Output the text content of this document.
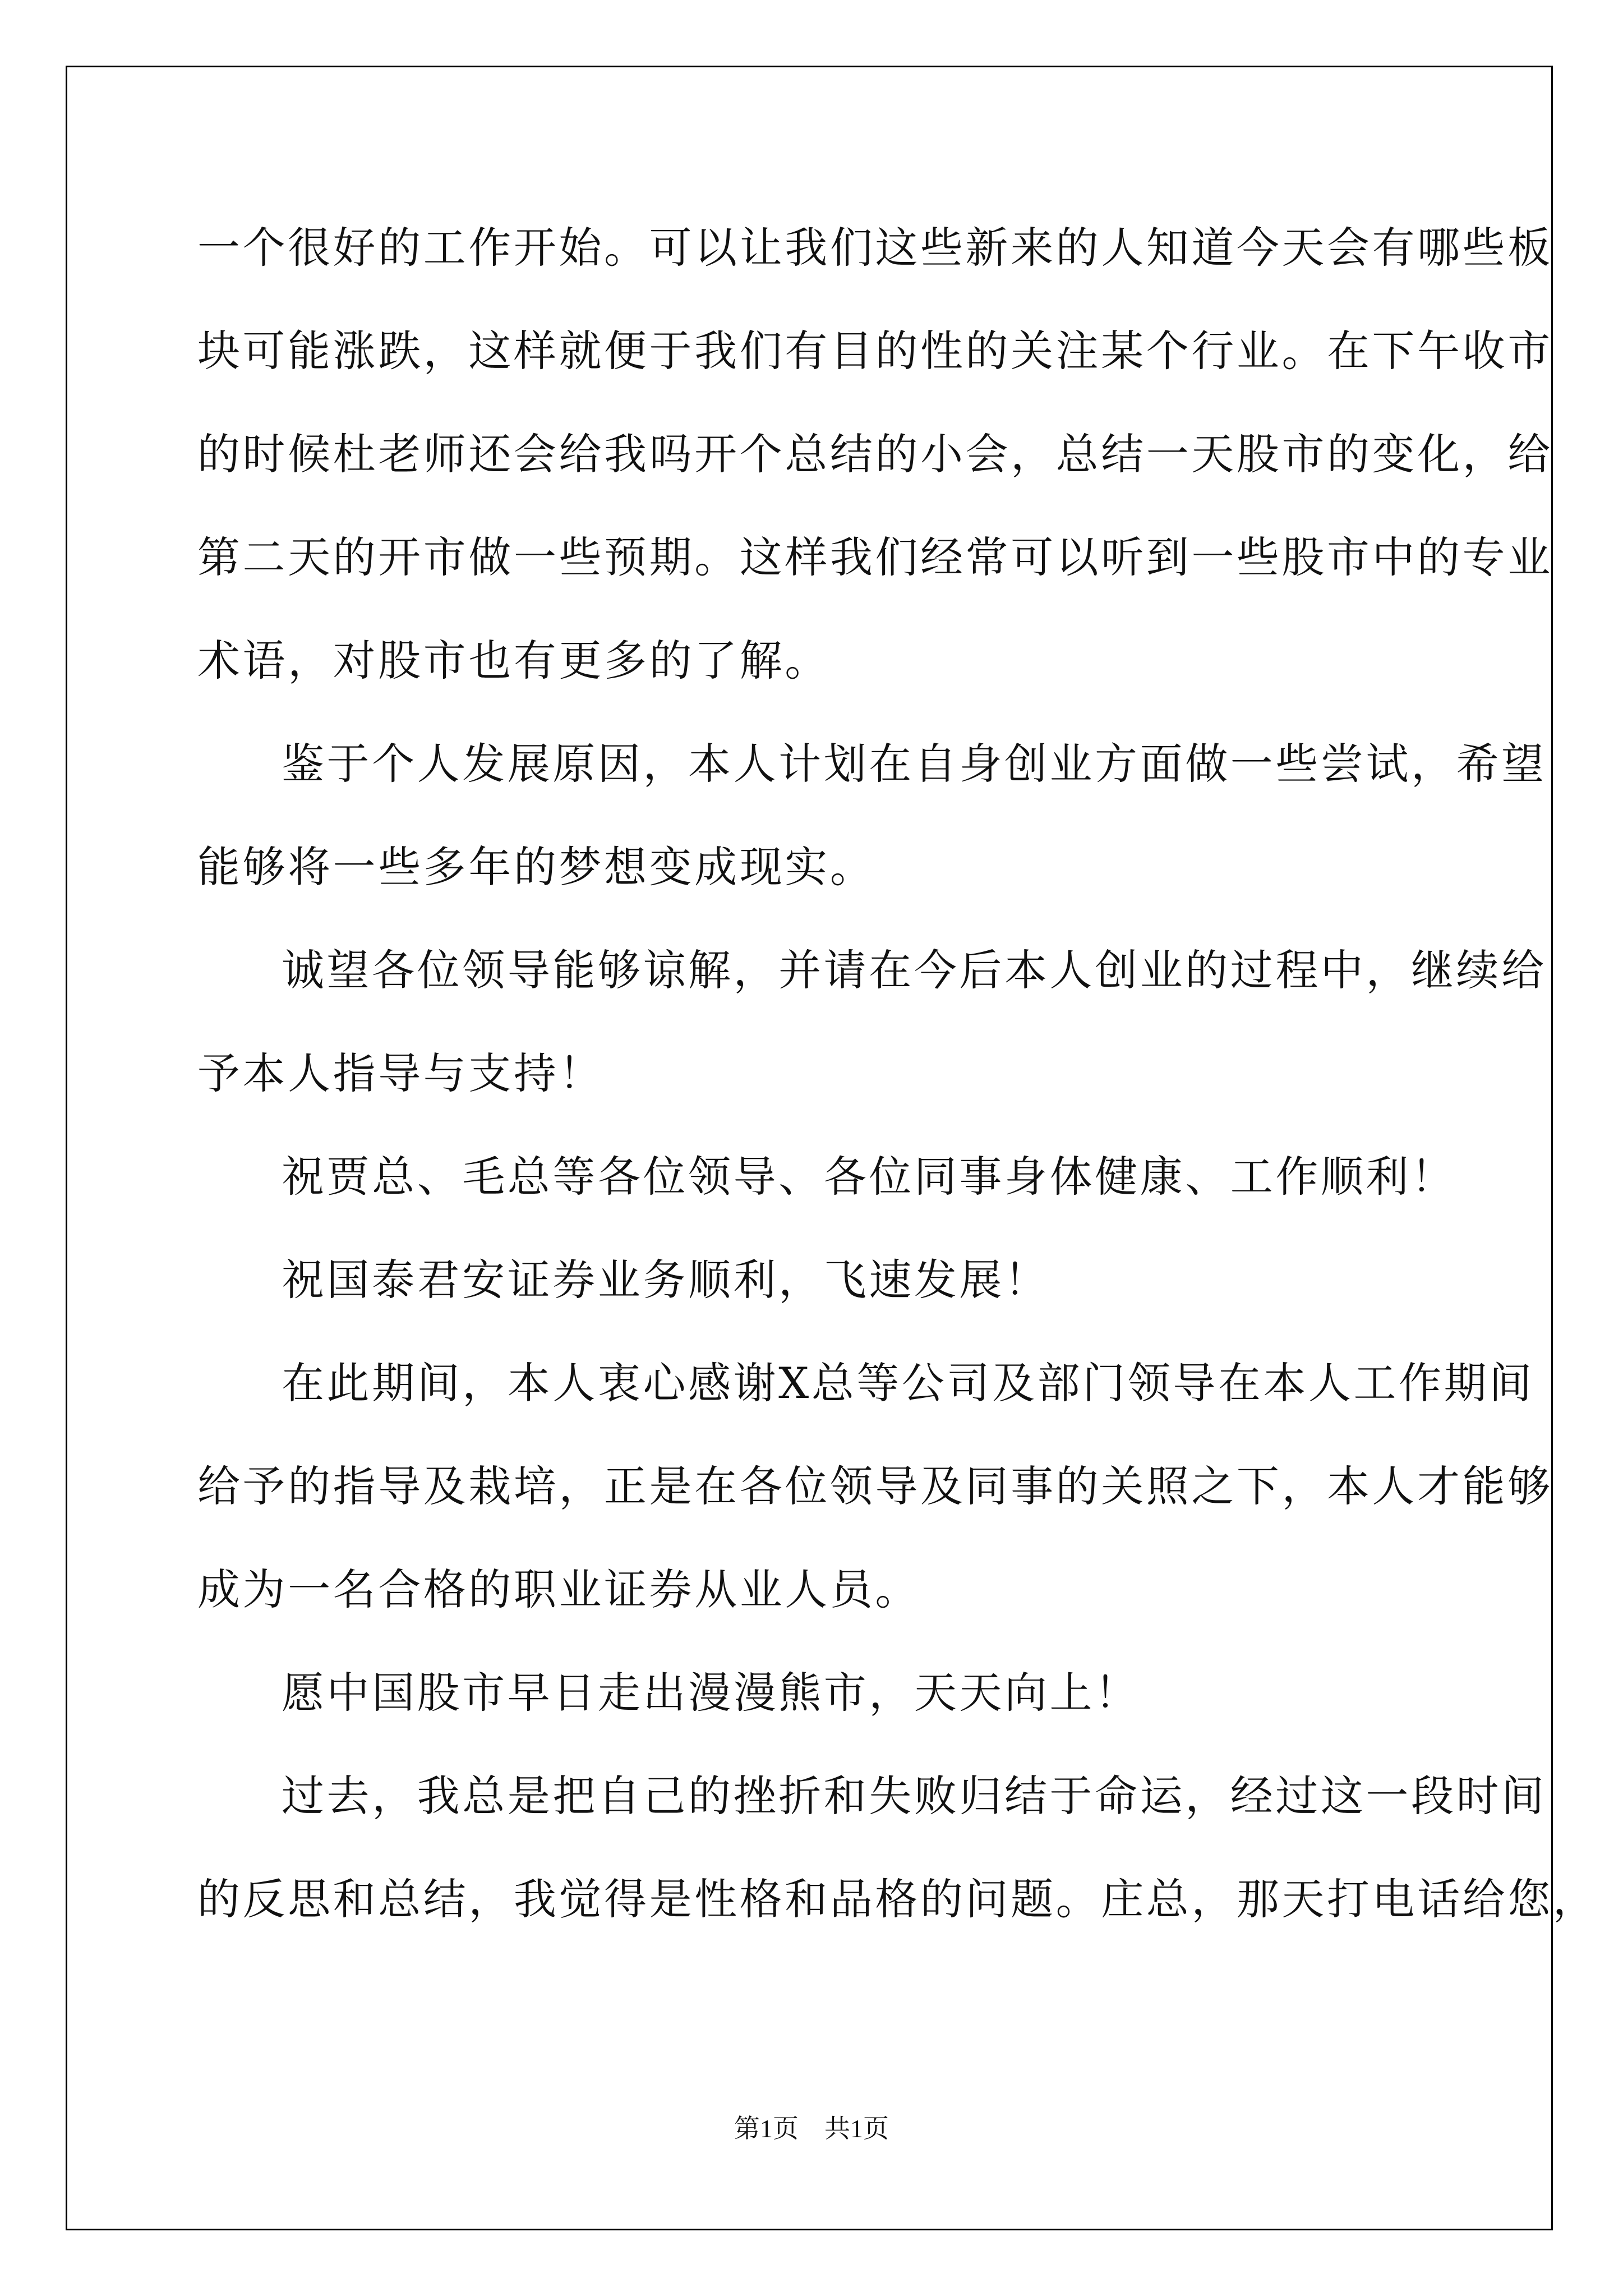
一个很好的工作开始。可以让我们这些新来的人知道今天会有哪些板
块可能涨跌，这样就便于我们有目的性的关注某个行业。在下午收市
的时候杜老师还会给我吗开个总结的小会，总结一天股市的变化，给
第二天的开市做一些预期。这样我们经常可以听到一些股市中的专业
术语，对股市也有更多的了解。
鉴于个人发展原因，本人计划在自身创业方面做一些尝试，希望
能够将一些多年的梦想变成现实。
诚望各位领导能够谅解，并请在今后本人创业的过程中，继续给
予本人指导与支持！
祝贾总、毛总等各位领导、各位同事身体健康、工作顺利！
祝国泰君安证券业务顺利，飞速发展！
在此期间，本人衷心感谢X总等公司及部门领导在本人工作期间
给予的指导及栽培，正是在各位领导及同事的关照之下，本人才能够
成为一名合格的职业证券从业人员。
愿中国股市早日走出漫漫熊市，天天向上！
过去，我总是把自己的挫折和失败归结于命运，经过这一段时间
的反思和总结，我觉得是性格和品格的问题。庄总，那天打电话给您，
第1页　共1页
